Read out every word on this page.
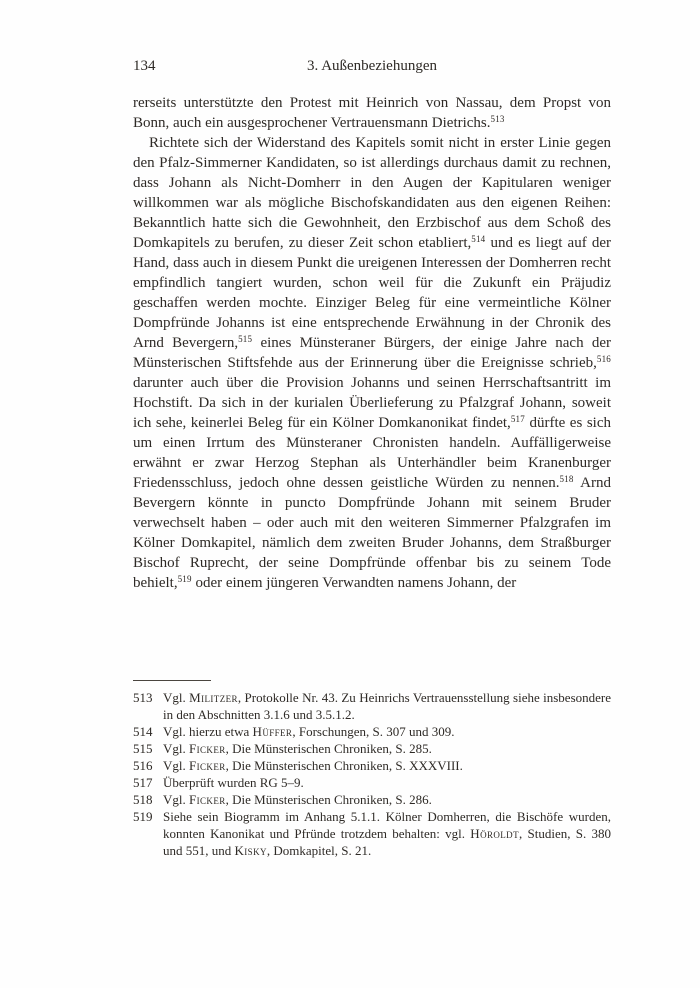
134	3. Außenbeziehungen

rerseits unterstützte den Protest mit Heinrich von Nassau, dem Propst von Bonn, auch ein ausgesprochener Vertrauensmann Dietrichs.$^{513}$

Richtete sich der Widerstand des Kapitels somit nicht in erster Linie gegen den Pfalz-Simmerner Kandidaten, so ist allerdings durchaus damit zu rechnen, dass Johann als Nicht-Domherr in den Augen der Kapitularen weniger willkommen war als mögliche Bischofskandidaten aus den eigenen Reihen: Bekanntlich hatte sich die Gewohnheit, den Erzbischof aus dem Schoß des Domkapitels zu berufen, zu dieser Zeit schon etabliert,$^{514}$ und es liegt auf der Hand, dass auch in diesem Punkt die ureigenen Interessen der Domherren recht empfindlich tangiert wurden, schon weil für die Zukunft ein Präjudiz geschaffen werden mochte. Einziger Beleg für eine vermeintliche Kölner Dompfründe Johanns ist eine entsprechende Erwähnung in der Chronik des Arnd Bevergern,$^{515}$ eines Münsteraner Bürgers, der einige Jahre nach der Münsterischen Stiftsfehde aus der Erinnerung über die Ereignisse schrieb,$^{516}$ darunter auch über die Provision Johanns und seinen Herrschaftsantritt im Hochstift. Da sich in der kurialen Überlieferung zu Pfalzgraf Johann, soweit ich sehe, keinerlei Beleg für ein Kölner Domkanonikat findet,$^{517}$ dürfte es sich um einen Irrtum des Münsteraner Chronisten handeln. Auffälligerweise erwähnt er zwar Herzog Stephan als Unterhändler beim Kranenburger Friedensschluss, jedoch ohne dessen geistliche Würden zu nennen.$^{518}$ Arnd Bevergern könnte in puncto Dompfründe Johann mit seinem Bruder verwechselt haben – oder auch mit den weiteren Simmerner Pfalzgrafen im Kölner Domkapitel, nämlich dem zweiten Bruder Johanns, dem Straßburger Bischof Ruprecht, der seine Dompfründe offenbar bis zu seinem Tode behielt,$^{519}$ oder einem jüngeren Verwandten namens Johann, der

513 Vgl. Militzer, Protokolle Nr. 43. Zu Heinrichs Vertrauensstellung siehe insbesondere in den Abschnitten 3.1.6 und 3.5.1.2.
514 Vgl. hierzu etwa Hüffer, Forschungen, S. 307 und 309.
515 Vgl. Ficker, Die Münsterischen Chroniken, S. 285.
516 Vgl. Ficker, Die Münsterischen Chroniken, S. XXXVIII.
517 Überprüft wurden RG 5–9.
518 Vgl. Ficker, Die Münsterischen Chroniken, S. 286.
519 Siehe sein Biogramm im Anhang 5.1.1. Kölner Domherren, die Bischöfe wurden, konnten Kanonikat und Pfründe trotzdem behalten: vgl. Höroldt, Studien, S. 380 und 551, und Kisky, Domkapitel, S. 21.
